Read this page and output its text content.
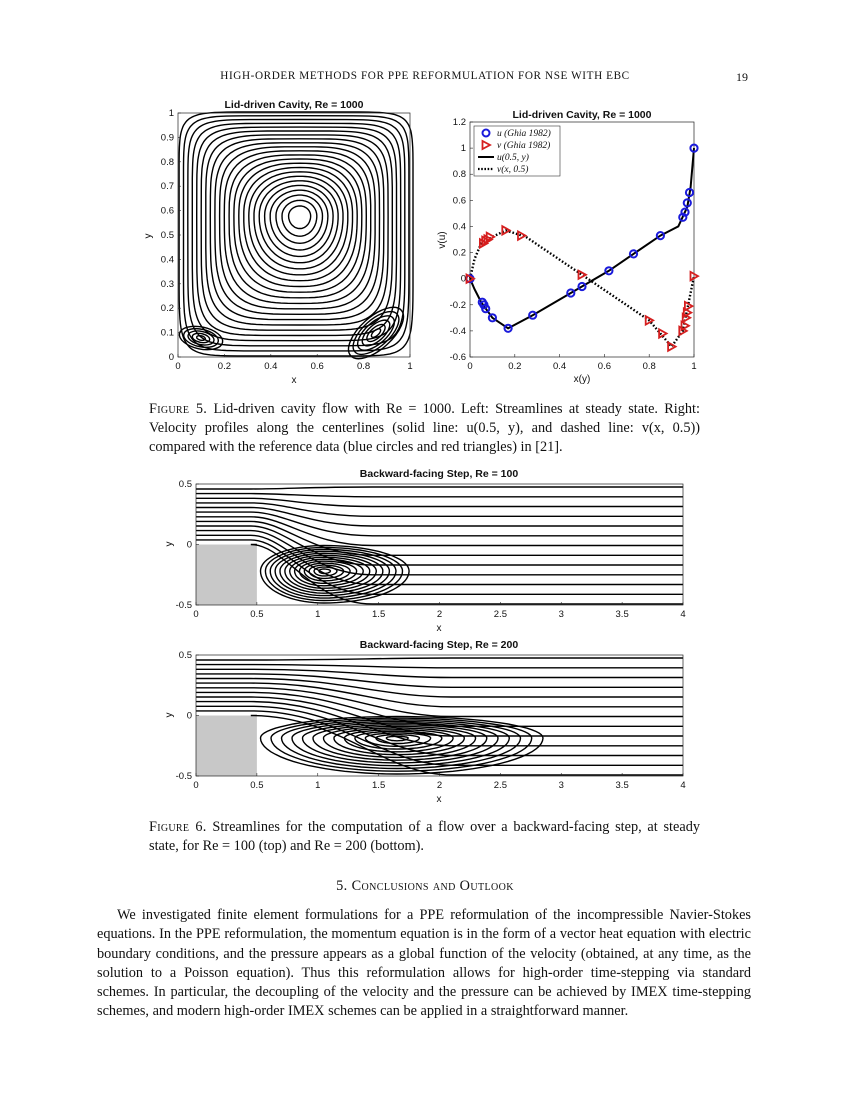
HIGH-ORDER METHODS FOR PPE REFORMULATION FOR NSE WITH EBC	19
Lid-driven Cavity, Re = 1000
0	0.2	0.4	0.6	0.8	1
0
0.1
0.2
0.3
0.4
0.5
0.6
0.7
0.8
0.9
1
x
y
Lid-driven Cavity, Re = 1000
0	0.2	0.4	0.6	0.8	1
-0.6
-0.4
-0.2
0
0.2
0.4
0.6
0.8
1
1.2
x(y)
v(u)
u (Ghia 1982)
v (Ghia 1982)
u(0.5, y)
v(x, 0.5)
Figure 5. Lid-driven cavity flow with Re = 1000. Left: Streamlines at steady state. Right: Velocity profiles along the centerlines (solid line: u(0.5, y), and dashed line: v(x, 0.5)) compared with the reference data (blue circles and red triangles) in [21].
Backward-facing Step, Re = 100
0	0.5	1	1.5	2	2.5	3	3.5	4
-0.5
0
0.5
x
y
Backward-facing Step, Re = 200
0	0.5	1	1.5	2	2.5	3	3.5	4
-0.5
0
0.5
x
y
Figure 6. Streamlines for the computation of a flow over a backward-facing step, at steady state, for Re = 100 (top) and Re = 200 (bottom).
5. Conclusions and Outlook
We investigated finite element formulations for a PPE reformulation of the incompressible Navier-Stokes equations. In the PPE reformulation, the momentum equation is in the form of a vector heat equation with electric boundary conditions, and the pressure appears as a global function of the velocity (obtained, at any time, as the solution to a Poisson equation). Thus this reformulation allows for high-order time-stepping via standard schemes. In particular, the decoupling of the velocity and the pressure can be achieved by IMEX time-stepping schemes, and modern high-order IMEX schemes can be applied in a straightforward manner.
